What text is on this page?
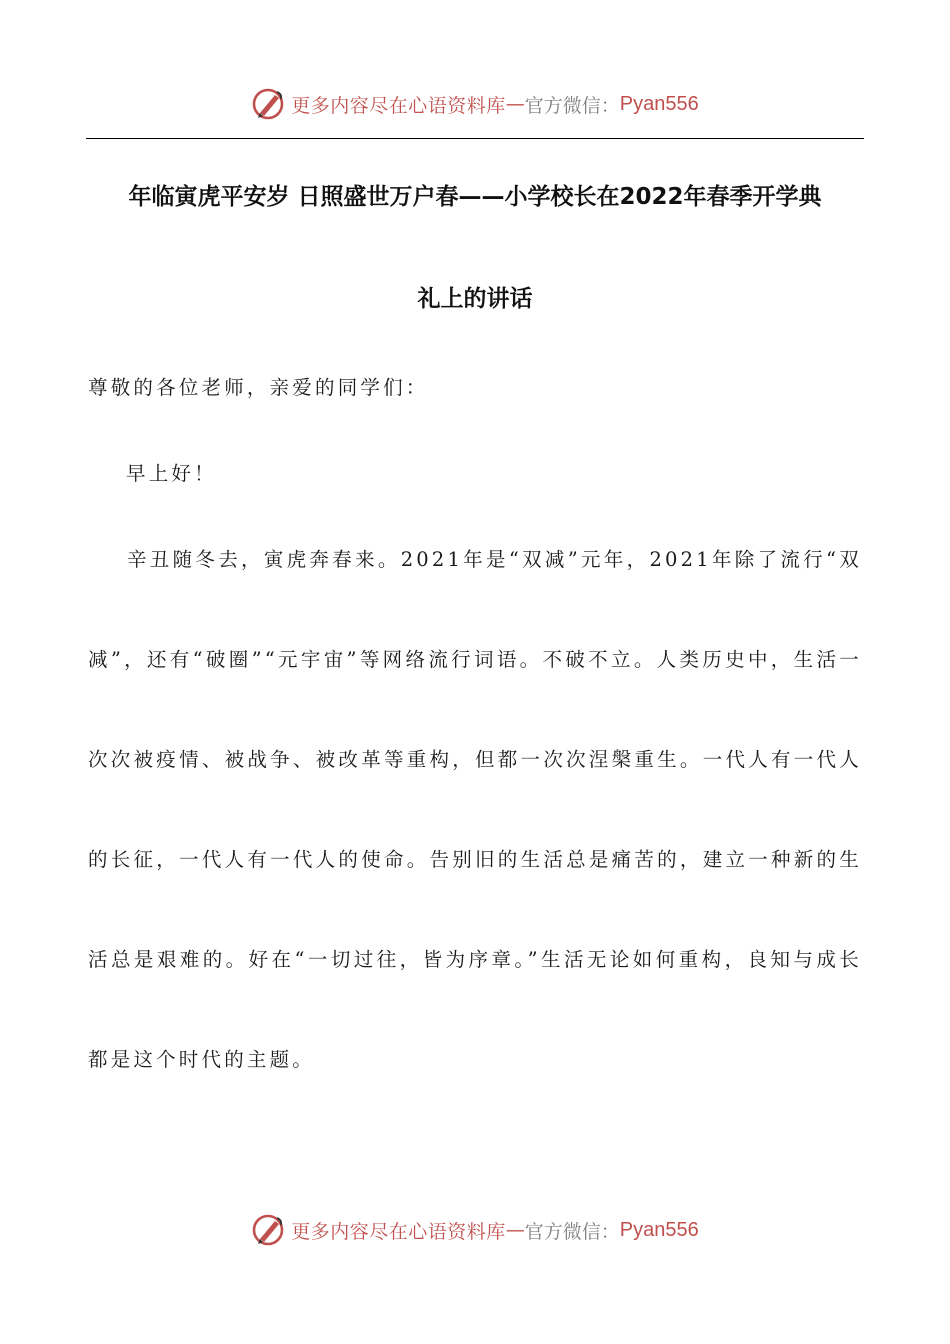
更多内容尽在心语资料库 — 官方微信： Pyan556
年临寅虎平安岁 日照盛世万户春——小学校长在2022年春季开学典
礼上的讲话
尊敬的各位老师，亲爱的同学们：
早上好！
辛丑随冬去，寅虎奔春来。2021年是“双减”元年，2021年除了流行“双减”，还有“破圈”“元宇宙”等网络流行词语。不破不立。人类历史中，生活一次次被疫情、被战争、被改革等重构，但都一次次涅槃重生。一代人有一代人的长征，一代人有一代人的使命。告别旧的生活总是痛苦的，建立一种新的生活总是艰难的。好在“一切过往，皆为序章。”生活无论如何重构，良知与成长都是这个时代的主题。
更多内容尽在心语资料库 — 官方微信： Pyan556
